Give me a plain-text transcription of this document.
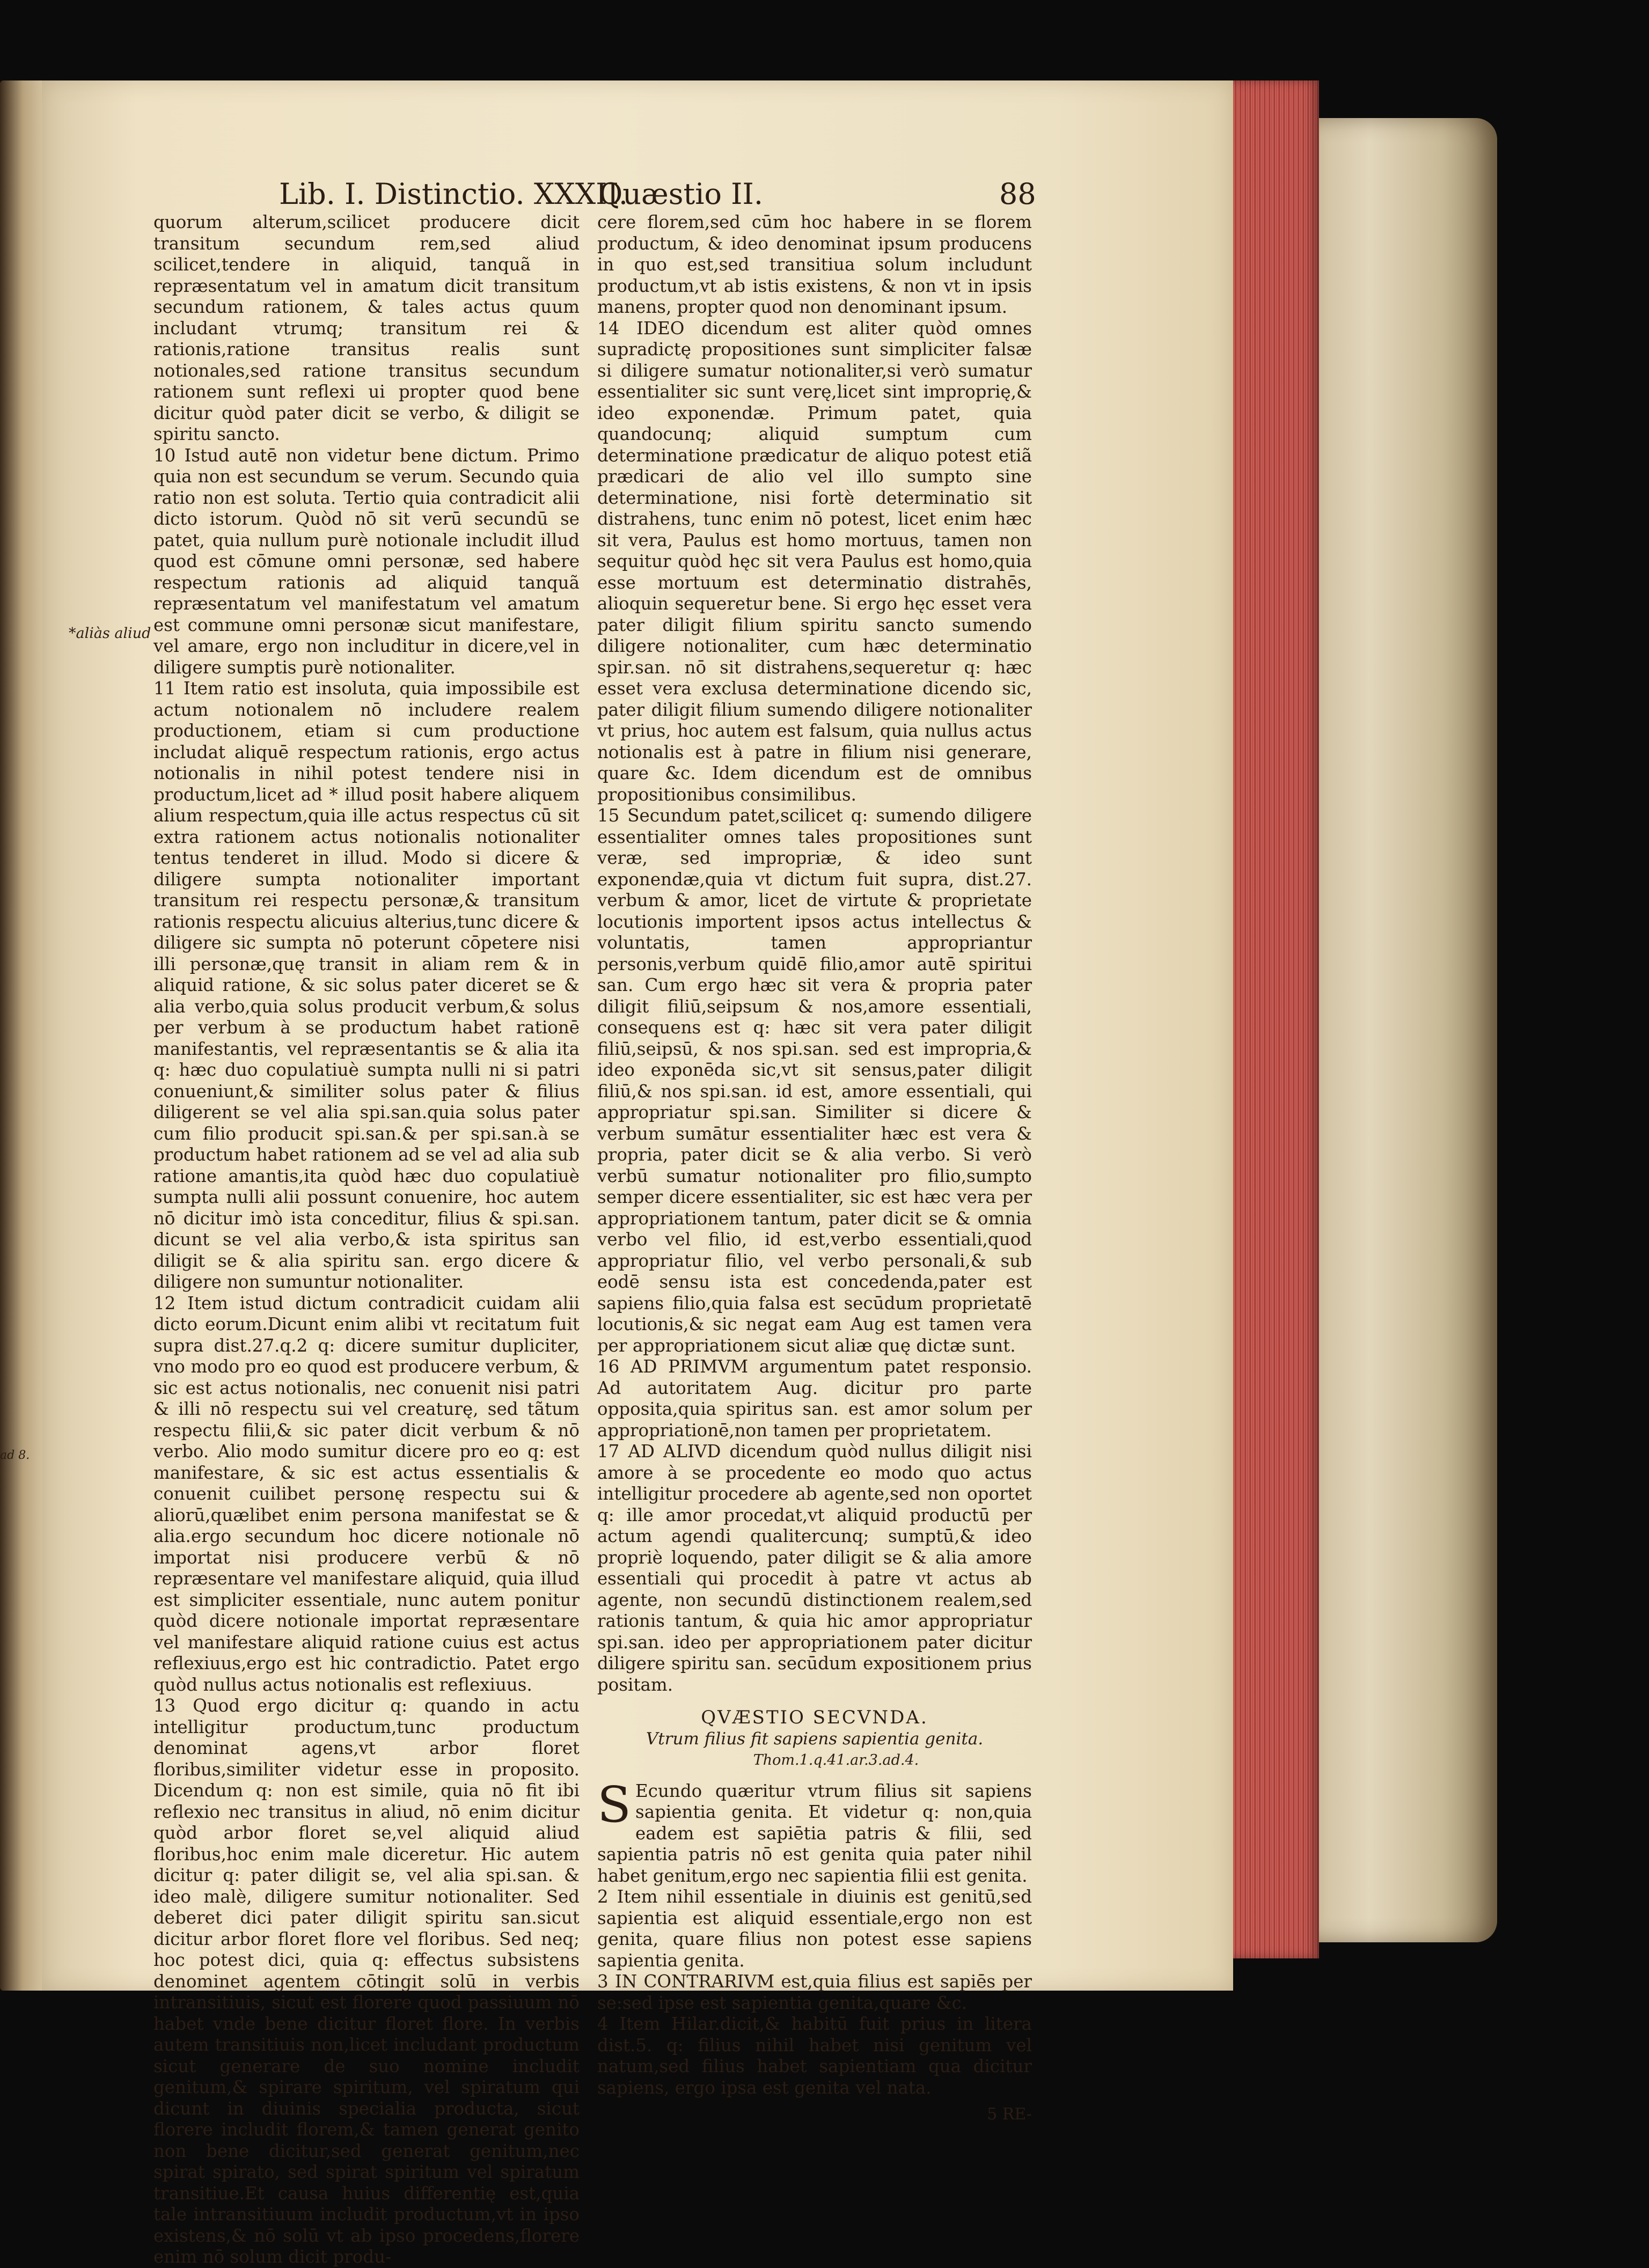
ad 8.
Lib. I. Distinctio. XXXII.
Quæstio II.	88
*aliàs aliud

quorum alterum,scilicet producere dicit transitum secundum rem,sed aliud scilicet,tendere in aliquid, tanquã in repræsentatum vel in amatum dicit transitum secundum rationem, & tales actus quum includant vtrumq; transitum rei & rationis,ratione transitus realis sunt notionales,sed ratione transitus secundum rationem sunt reflexi ui propter quod bene dicitur quòd pater dicit se verbo, & diligit se spiritu sancto.

10 Istud autē non videtur bene dictum. Primo quia non est secundum se verum. Secundo quia ratio non est soluta. Tertio quia contradicit alii dicto istorum. Quòd nō sit verū secundū se patet, quia nullum purè notionale includit illud quod est cōmune omni personæ, sed habere respectum rationis ad aliquid tanquã repræsentatum vel manifestatum vel amatum est commune omni personæ sicut manifestare, vel amare, ergo non includitur in dicere,vel in diligere sumptis purè notionaliter.

11 Item ratio est insoluta, quia impossibile est actum notionalem nō includere realem productionem, etiam si cum productione includat aliquē respectum rationis, ergo actus notionalis in nihil potest tendere nisi in productum,licet ad * illud posit habere aliquem alium respectum,quia ille actus respectus cū sit extra rationem actus notionalis notionaliter tentus tenderet in illud. Modo si dicere & diligere sumpta notionaliter important transitum rei respectu personæ,& transitum rationis respectu alicuius alterius,tunc dicere & diligere sic sumpta nō poterunt cōpetere nisi illi personæ,quę transit in aliam rem & in aliquid ratione, & sic solus pater diceret se & alia verbo,quia solus producit verbum,& solus per verbum à se productum habet rationē manifestantis, vel repræsentantis se & alia ita q: hæc duo copulatiuè sumpta nulli ni si patri conueniunt,& similiter solus pater & filius diligerent se vel alia spi.san.quia solus pater cum filio producit spi.san.& per spi.san.à se productum habet rationem ad se vel ad alia sub ratione amantis,ita quòd hæc duo copulatiuè sumpta nulli alii possunt conuenire, hoc autem nō dicitur imò ista conceditur, filius & spi.san. dicunt se vel alia verbo,& ista spiritus san diligit se & alia spiritu san. ergo dicere & diligere non sumuntur notionaliter.

12 Item istud dictum contradicit cuidam alii dicto eorum.Dicunt enim alibi vt recitatum fuit supra dist.27.q.2 q: dicere sumitur dupliciter, vno modo pro eo quod est producere verbum, & sic est actus notionalis, nec conuenit nisi patri & illi nō respectu sui vel creaturę, sed tãtum respectu filii,& sic pater dicit verbum & nō verbo. Alio modo sumitur dicere pro eo q: est manifestare, & sic est actus essentialis & conuenit cuilibet personę respectu sui & aliorū,quælibet enim persona manifestat se & alia.ergo secundum hoc dicere notionale nō importat nisi producere verbū & nō repræsentare vel manifestare aliquid, quia illud est simpliciter essentiale, nunc autem ponitur quòd dicere notionale importat repræsentare vel manifestare aliquid ratione cuius est actus reflexiuus,ergo est hic contradictio. Patet ergo quòd nullus actus notionalis est reflexiuus.

13 Quod ergo dicitur q: quando in actu intelligitur productum,tunc productum denominat agens,vt arbor floret floribus,similiter videtur esse in proposito. Dicendum q: non est simile, quia nō fit ibi reflexio nec transitus in aliud, nō enim dicitur quòd arbor floret se,vel aliquid aliud floribus,hoc enim male diceretur. Hic autem dicitur q: pater diligit se, vel alia spi.san. & ideo malè, diligere sumitur notionaliter. Sed deberet dici pater diligit spiritu san.sicut dicitur arbor floret flore vel floribus. Sed neq; hoc potest dici, quia q: effectus subsistens denominet agentem cōtingit solū in verbis intransitiuis, sicut est florere quod passiuum nō habet vnde bene dicitur floret flore. In verbis autem transitiuis non,licet includant productum sicut generare de suo nomine includit genitum,& spirare spiritum, vel spiratum qui dicunt in diuinis specialia producta, sicut florere includit florem,& tamen generat genito non bene dicitur,sed generat genitum,nec spirat spirato, sed spirat spiritum vel spiratum transitiue.Et causa huius differentię est,quia tale intransitiuum includit productum,vt in ipso existens,& nō solū vt ab ipso procedens,florere enim nō solum dicit produ-

cere florem,sed cūm hoc habere in se florem productum, & ideo denominat ipsum producens in quo est,sed transitiua solum includunt productum,vt ab istis existens, & non vt in ipsis manens, propter quod non denominant ipsum.

14 IDEO dicendum est aliter quòd omnes supradictę propositiones sunt simpliciter falsæ si diligere sumatur notionaliter,si verò sumatur essentialiter sic sunt verę,licet sint improprię,& ideo exponendæ. Primum patet, quia quandocunq; aliquid sumptum cum determinatione prædicatur de aliquo potest etiã prædicari de alio vel illo sumpto sine determinatione, nisi fortè determinatio sit distrahens, tunc enim nō potest, licet enim hæc sit vera, Paulus est homo mortuus, tamen non sequitur quòd hęc sit vera Paulus est homo,quia esse mortuum est determinatio distrahēs, alioquin sequeretur bene. Si ergo hęc esset vera pater diligit filium spiritu sancto sumendo diligere notionaliter, cum hæc determinatio spir.san. nō sit distrahens,sequeretur q: hæc esset vera exclusa determinatione dicendo sic, pater diligit filium sumendo diligere notionaliter vt prius, hoc autem est falsum, quia nullus actus notionalis est à patre in filium nisi generare, quare &c. Idem dicendum est de omnibus propositionibus consimilibus.

15 Secundum patet,scilicet q: sumendo diligere essentialiter omnes tales propositiones sunt veræ, sed impropriæ, & ideo sunt exponendæ,quia vt dictum fuit supra, dist.27. verbum & amor, licet de virtute & proprietate locutionis importent ipsos actus intellectus & voluntatis, tamen appropriantur personis,verbum quidē filio,amor autē spiritui san. Cum ergo hæc sit vera & propria pater diligit filiū,seipsum & nos,amore essentiali, consequens est q: hæc sit vera pater diligit filiū,seipsū, & nos spi.san. sed est impropria,& ideo exponēda sic,vt sit sensus,pater diligit filiū,& nos spi.san. id est, amore essentiali, qui appropriatur spi.san. Similiter si dicere & verbum sumātur essentialiter hæc est vera & propria, pater dicit se & alia verbo. Si verò verbū sumatur notionaliter pro filio,sumpto semper dicere essentialiter, sic est hæc vera per appropriationem tantum, pater dicit se & omnia verbo vel filio, id est,verbo essentiali,quod appropriatur filio, vel verbo personali,& sub eodē sensu ista est concedenda,pater est sapiens filio,quia falsa est secūdum proprietatē locutionis,& sic negat eam Aug est tamen vera per appropriationem sicut aliæ quę dictæ sunt.

16 AD PRIMVM argumentum patet responsio. Ad autoritatem Aug. dicitur pro parte opposita,quia spiritus san. est amor solum per appropriationē,non tamen per proprietatem.

17 AD ALIVD dicendum quòd nullus diligit nisi amore à se procedente eo modo quo actus intelligitur procedere ab agente,sed non oportet q: ille amor procedat,vt aliquid productū per actum agendi qualitercunq; sumptū,& ideo propriè loquendo, pater diligit se & alia amore essentiali qui procedit à patre vt actus ab agente, non secundū distinctionem realem,sed rationis tantum, & quia hic amor appropriatur spi.san. ideo per appropriationem pater dicitur diligere spiritu san. secūdum expositionem prius positam.

QVÆSTIO SECVNDA.
Vtrum filius fit sapiens sapientia genita.
Thom.1.q.41.ar.3.ad.4.

S Ecundo quæritur vtrum filius sit sapiens sapientia genita. Et videtur q: non,quia eadem est sapiētia patris & filii, sed sapientia patris nō est genita quia pater nihil habet genitum,ergo nec sapientia filii est genita.

2 Item nihil essentiale in diuinis est genitū,sed sapientia est aliquid essentiale,ergo non est genita, quare filius non potest esse sapiens sapientia genita.

3 IN CONTRARIVM est,quia filius est sapiēs per se:sed ipse est sapientia genita,quare &c.

4 Item Hilar.dicit,& habitū fuit prius in litera dist.5. q: filius nihil habet nisi genitum vel natum,sed filius habet sapientiam qua dicitur sapiens, ergo ipsa est genita vel nata.

5 RE-
